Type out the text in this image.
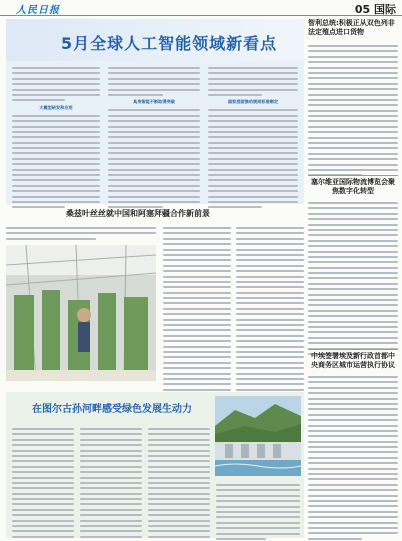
人民日报	05 国际
5月全球人工智能领域新看点
大模型研发和应用
具身智能不断取得突破	国家层面推动规则标准制定
智利总统:积极正从双色列非法定殖点进口货物
塞尔维亚国际物流博览会聚焦数字化转型
中埃签署埃及新行政首都中央商务区城市运营执行协议
桑兹叶丝丝就中国和阿塞拜疆合作新前景
在图尔古孙河畔感受绿色发展生动力
